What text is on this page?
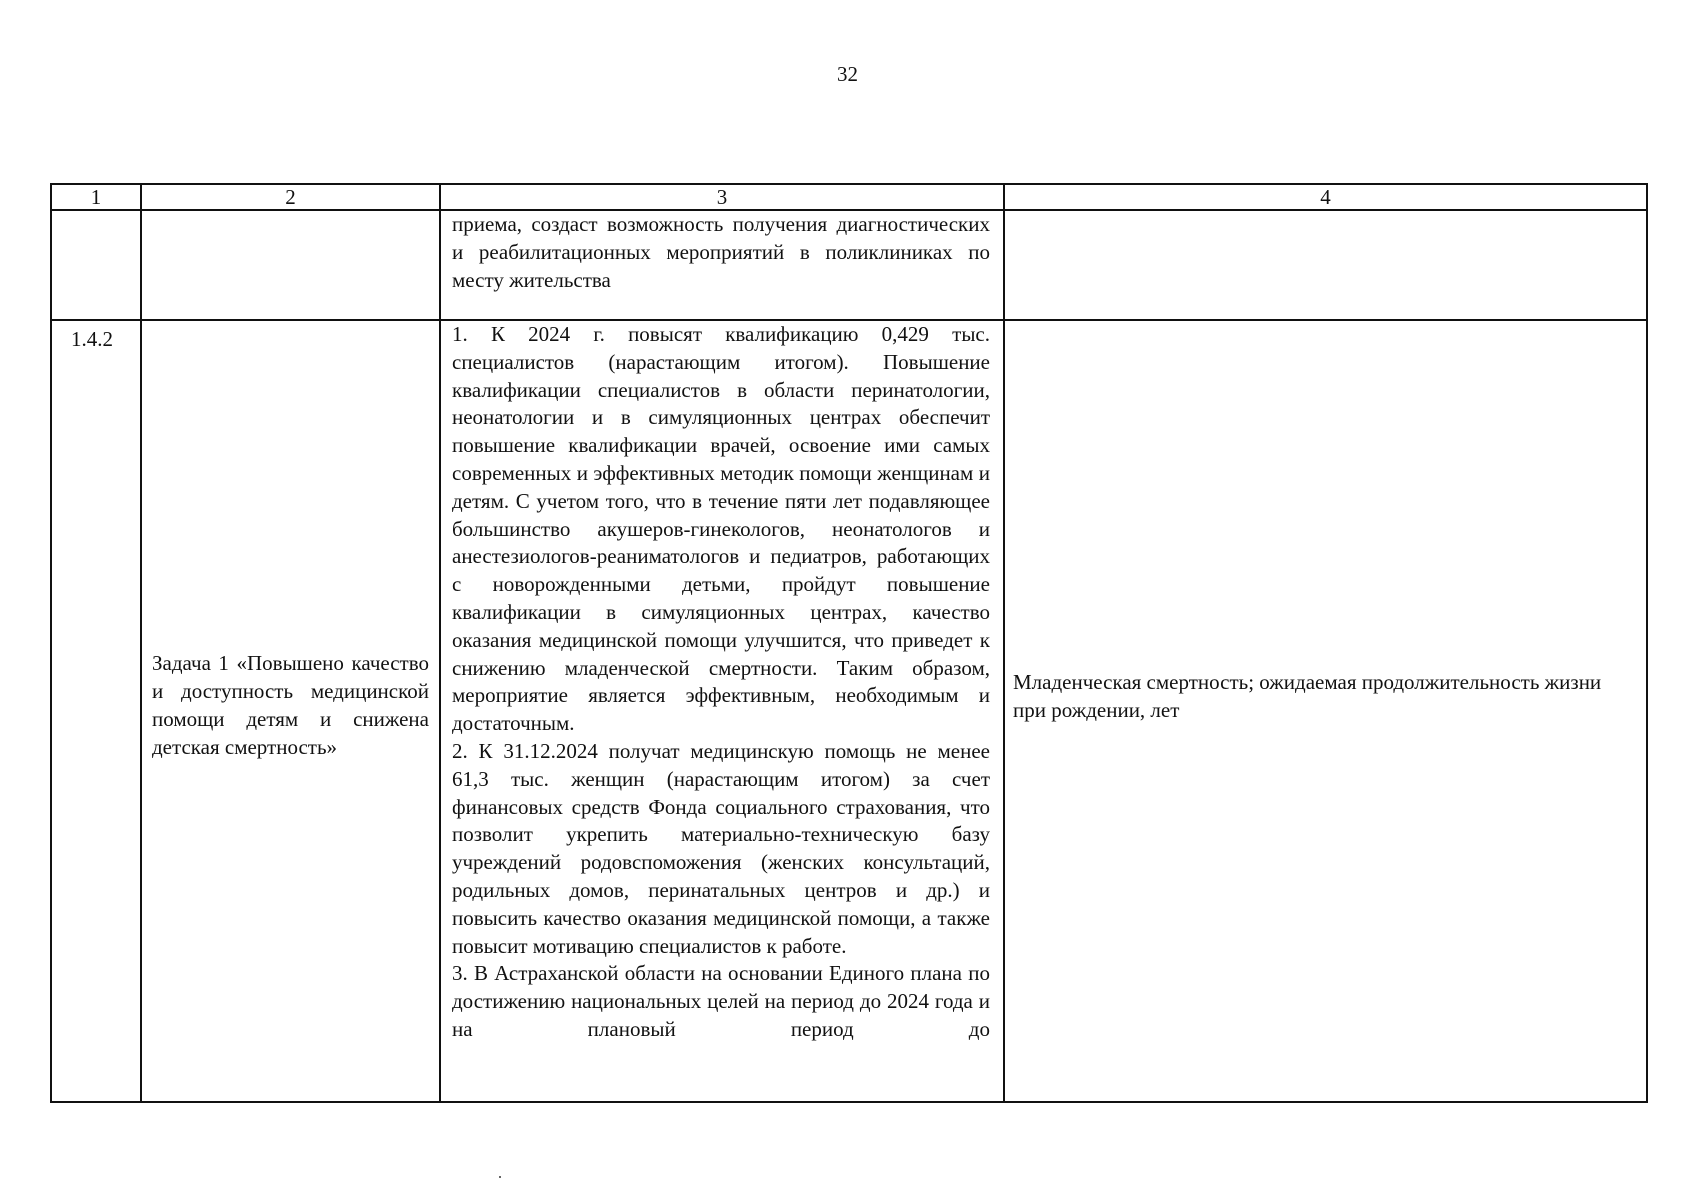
32
1	2	3	4

		приема, создаст возможность получения диагностических и реабилитационных мероприятий в поликлиниках по месту жительства	

1.4.2	Задача 1 «Повышено качество и доступность медицинской помощи детям и снижена детская смертность»	1. К 2024 г. повысят квалификацию 0,429 тыс. специалистов (нарастающим итогом). Повышение квалификации специалистов в области перинатологии, неонатологии и в симуляционных центрах обеспечит повышение квалификации врачей, освоение ими самых современных и эффективных методик помощи женщинам и детям. С учетом того, что в течение пяти лет подавляющее большинство акушеров-гинекологов, неонатологов и анестезиологов-реаниматологов и педиатров, работающих с новорожденными детьми, пройдут повышение квалификации в симуляционных центрах, качество оказания медицинской помощи улучшится, что приведет к снижению младенческой смертности. Таким образом, мероприятие является эффективным, необходимым и достаточным.

2. К 31.12.2024 получат медицинскую помощь не менее 61,3 тыс. женщин (нарастающим итогом) за счет финансовых средств Фонда социального страхования, что позволит укрепить материально-техническую базу учреждений родовспоможения (женских консультаций, родильных домов, перинатальных центров и др.) и повысить качество оказания медицинской помощи, а также повысит мотивацию специалистов к работе.

3. В Астраханской области на основании Единого плана по достижению национальных целей на период до 2024 года и на плановый период до	Младенческая смертность; ожидаемая продолжительность жизни при рождении, лет
